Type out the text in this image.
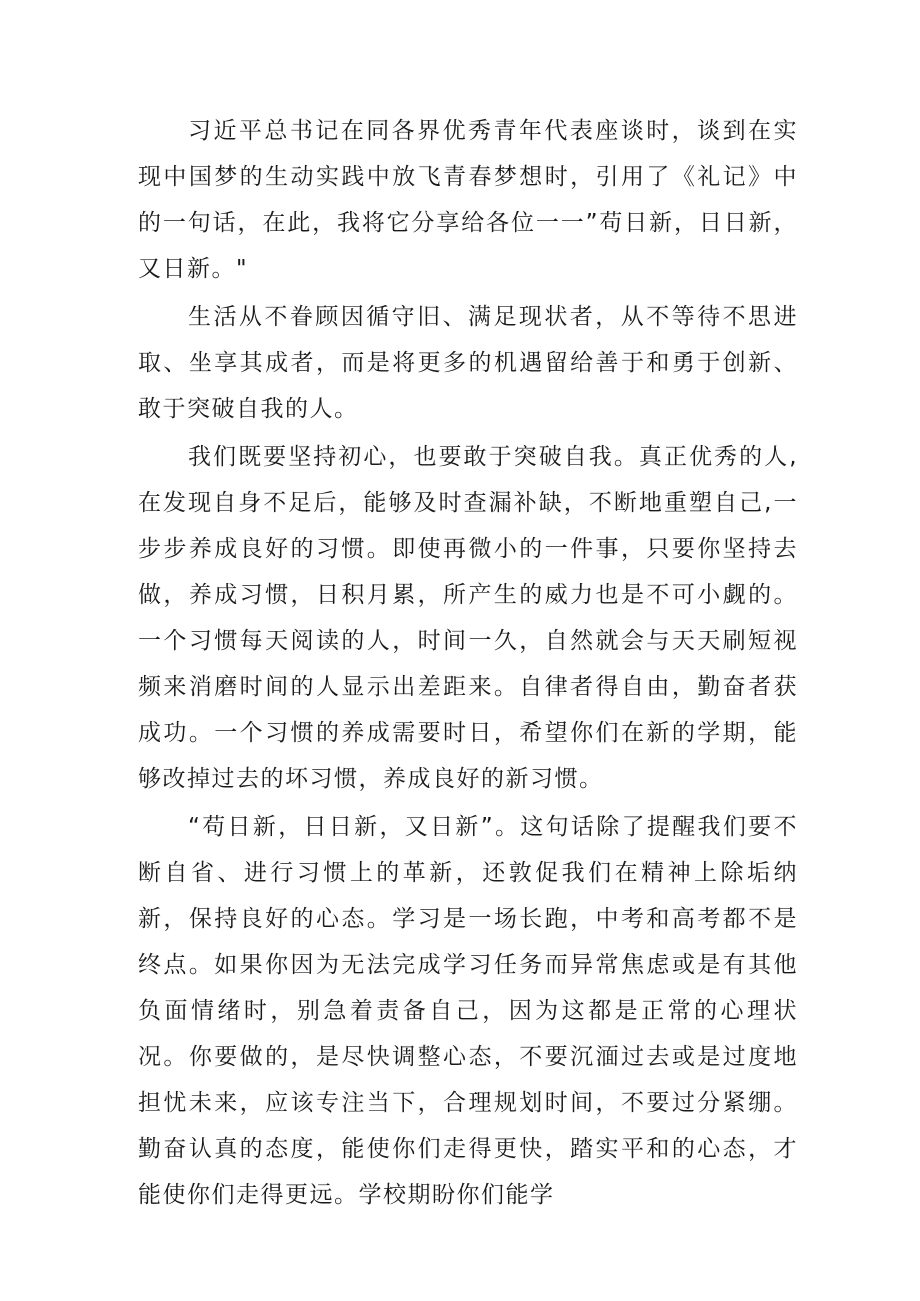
习近平总书记在同各界优秀青年代表座谈时，谈到在实现中国梦的生动实践中放飞青春梦想时，引用了《礼记》中的一句话，在此，我将它分享给各位一一”苟日新，日日新，又日新。"

生活从不眷顾因循守旧、满足现状者，从不等待不思进取、坐享其成者，而是将更多的机遇留给善于和勇于创新、敢于突破自我的人。

我们既要坚持初心，也要敢于突破自我。真正优秀的人,在发现自身不足后，能够及时查漏补缺，不断地重塑自己,一步步养成良好的习惯。即使再微小的一件事，只要你坚持去做，养成习惯，日积月累，所产生的威力也是不可小觑的。一个习惯每天阅读的人，时间一久，自然就会与天天刷短视频来消磨时间的人显示出差距来。自律者得自由，勤奋者获成功。一个习惯的养成需要时日，希望你们在新的学期，能够改掉过去的坏习惯，养成良好的新习惯。

“苟日新，日日新，又日新”。这句话除了提醒我们要不断自省、进行习惯上的革新，还敦促我们在精神上除垢纳新，保持良好的心态。学习是一场长跑，中考和高考都不是终点。如果你因为无法完成学习任务而异常焦虑或是有其他负面情绪时，别急着责备自己，因为这都是正常的心理状况。你要做的，是尽快调整心态，不要沉湎过去或是过度地担忧未来，应该专注当下，合理规划时间，不要过分紧绷。勤奋认真的态度，能使你们走得更快，踏实平和的心态，才能使你们走得更远。学校期盼你们能学
